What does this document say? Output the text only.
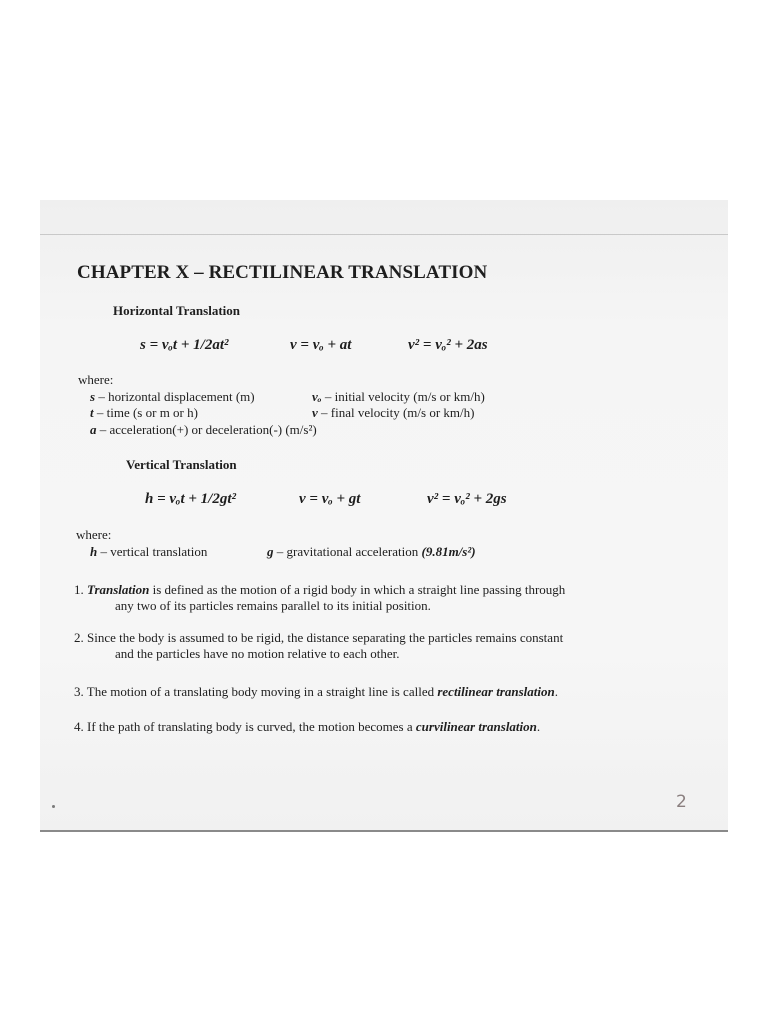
CHAPTER X – RECTILINEAR TRANSLATION
Horizontal Translation
s = vₒt + 1/2at²	v = vₒ + at	v² = vₒ² + 2as
where:
s – horizontal displacement (m)	vₒ – initial velocity (m/s or km/h)
t – time (s or m or h)	v – final velocity (m/s or km/h)
a – acceleration(+) or deceleration(-) (m/s²)
Vertical Translation
h = vₒt + 1/2gt²	v = vₒ + gt	v² = vₒ² + 2gs
where:
h – vertical translation	g – gravitational acceleration (9.81m/s²)
1. Translation is defined as the motion of a rigid body in which a straight line passing through
any two of its particles remains parallel to its initial position.
2. Since the body is assumed to be rigid, the distance separating the particles remains constant
and the particles have no motion relative to each other.
3. The motion of a translating body moving in a straight line is called rectilinear translation.
4. If the path of translating body is curved, the motion becomes a curvilinear translation.
2
